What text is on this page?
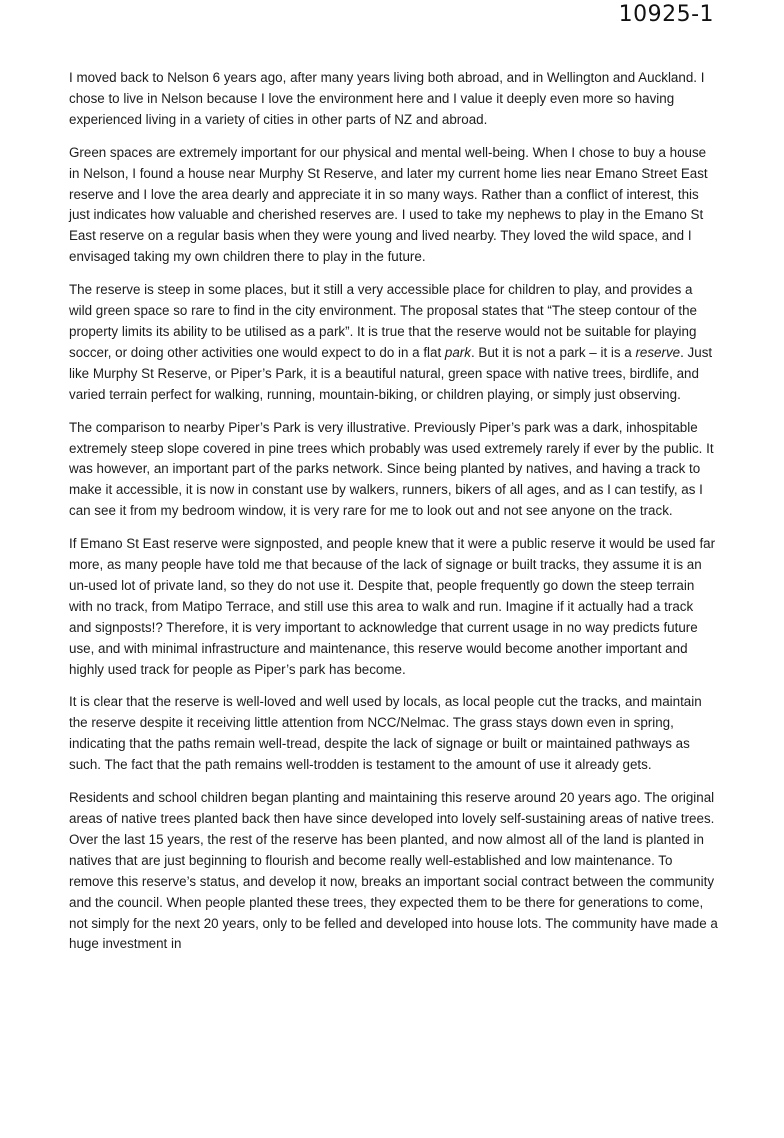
10925-1

I moved back to Nelson 6 years ago, after many years living both abroad, and in Wellington and Auckland. I chose to live in Nelson because I love the environment here and I value it deeply even more so having experienced living in a variety of cities in other parts of NZ and abroad.

Green spaces are extremely important for our physical and mental well-being. When I chose to buy a house in Nelson, I found a house near Murphy St Reserve, and later my current home lies near Emano Street East reserve and I love the area dearly and appreciate it in so many ways. Rather than a conflict of interest, this just indicates how valuable and cherished reserves are. I used to take my nephews to play in the Emano St East reserve on a regular basis when they were young and lived nearby. They loved the wild space, and I envisaged taking my own children there to play in the future.

The reserve is steep in some places, but it still a very accessible place for children to play, and provides a wild green space so rare to find in the city environment. The proposal states that “The steep contour of the property limits its ability to be utilised as a park”. It is true that the reserve would not be suitable for playing soccer, or doing other activities one would expect to do in a flat park. But it is not a park – it is a reserve. Just like Murphy St Reserve, or Piper’s Park, it is a beautiful natural, green space with native trees, birdlife, and varied terrain perfect for walking, running, mountain-biking, or children playing, or simply just observing.

The comparison to nearby Piper’s Park is very illustrative. Previously Piper’s park was a dark, inhospitable extremely steep slope covered in pine trees which probably was used extremely rarely if ever by the public. It was however, an important part of the parks network. Since being planted by natives, and having a track to make it accessible, it is now in constant use by walkers, runners, bikers of all ages, and as I can testify, as I can see it from my bedroom window, it is very rare for me to look out and not see anyone on the track.

If Emano St East reserve were signposted, and people knew that it were a public reserve it would be used far more, as many people have told me that because of the lack of signage or built tracks, they assume it is an un-used lot of private land, so they do not use it. Despite that, people frequently go down the steep terrain with no track, from Matipo Terrace, and still use this area to walk and run. Imagine if it actually had a track and signposts!? Therefore, it is very important to acknowledge that current usage in no way predicts future use, and with minimal infrastructure and maintenance, this reserve would become another important and highly used track for people as Piper’s park has become.

It is clear that the reserve is well-loved and well used by locals, as local people cut the tracks, and maintain the reserve despite it receiving little attention from NCC/Nelmac. The grass stays down even in spring, indicating that the paths remain well-tread, despite the lack of signage or built or maintained pathways as such. The fact that the path remains well-trodden is testament to the amount of use it already gets.

Residents and school children began planting and maintaining this reserve around 20 years ago. The original areas of native trees planted back then have since developed into lovely self-sustaining areas of native trees. Over the last 15 years, the rest of the reserve has been planted, and now almost all of the land is planted in natives that are just beginning to flourish and become really well-established and low maintenance. To remove this reserve’s status, and develop it now, breaks an important social contract between the community and the council. When people planted these trees, they expected them to be there for generations to come, not simply for the next 20 years, only to be felled and developed into house lots. The community have made a huge investment in
